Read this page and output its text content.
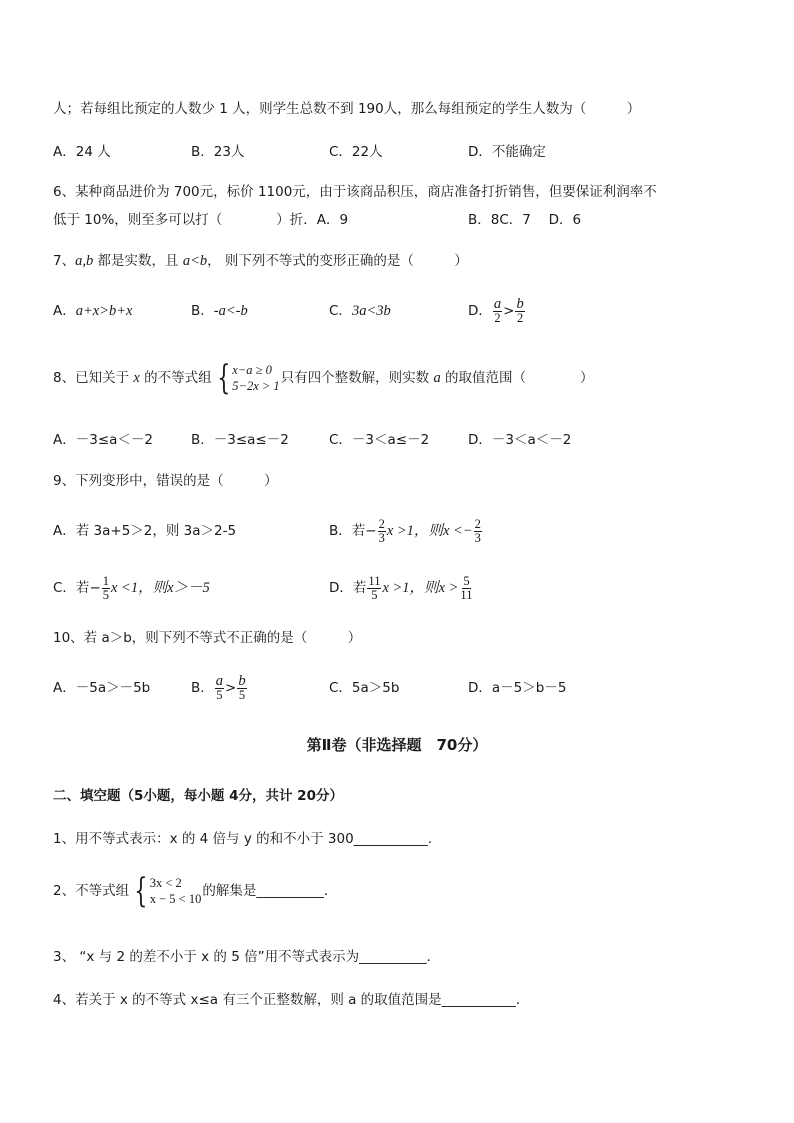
人；若每组比预定的人数少 1 人，则学生总数不到 190人，那么每组预定的学生人数为（　　　）
A．24 人	B．23人	C．22人	D．不能确定
6、某种商品进价为 700元，标价 1100元，由于该商品积压，商店准备打折销售，但要保证利润率不
低于 10%，则至多可以打（　　　　）折．A．9	B．8C．7　 D．6
7、a,b 都是实数，且 a<b， 则下列不等式的变形正确的是（　　　）
A．a+x>b+x	B．-a<-b	C．3a<3b	D． $\frac{a}{2} > \frac{b}{2}$
8、已知关于 x 的不等式组 { x−a ≥ 0
5−2x > 1 只有四个整数解，则实数 a 的取值范围（　　　　）
A．－3≤a＜－2	B．－3≤a≤－2	C．－3＜a≤－2	D．－3＜a＜－2
9、下列变形中，错误的是（　　　）
A．若 3a+5＞2，则 3a＞2-5	B．若− $\frac{2}{3}$ x >1，则$x <- \frac{2}{3}$
C．若− $\frac{1}{5}$ x <1，则x＞－5	D．若 $\frac{11}{5}$ x >1，则$x > \frac{5}{11}$
10、若 a＞b，则下列不等式不正确的是（　　　）
A．－5a＞－5b	B． $\frac{a}{5} > \frac{b}{5}$	C．5a＞5b	D．a－5＞b－5
第Ⅱ卷（非选择题　70分）
二、填空题（5小题，每小题 4分，共计 20分）
1、用不等式表示：x 的 4 倍与 y 的和不小于 300___________．
2、不等式组 { 3x < 2
x − 5 < 10 的解集是__________．
3、 “x 与 2 的差不小于 x 的 5 倍”用不等式表示为__________．
4、若关于 x 的不等式 x≤a 有三个正整数解，则 a 的取值范围是___________．
